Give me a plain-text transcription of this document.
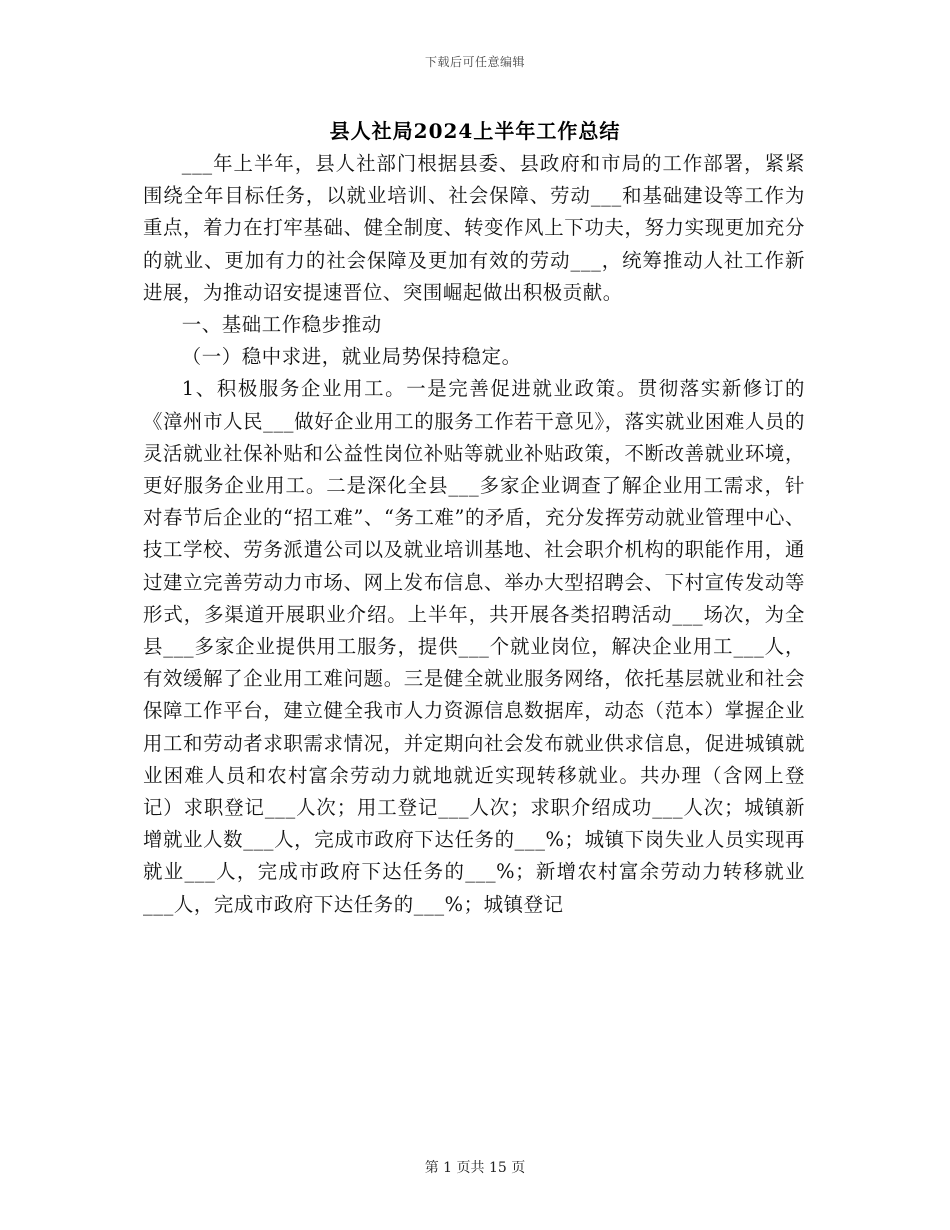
下载后可任意编辑
县人社局2024上半年工作总结

___年上半年，县人社部门根据县委、县政府和市局的工作部署，紧紧围绕全年目标任务，以就业培训、社会保障、劳动___和基础建设等工作为重点，着力在打牢基础、健全制度、转变作风上下功夫，努力实现更加充分的就业、更加有力的社会保障及更加有效的劳动___，统筹推动人社工作新进展，为推动诏安提速晋位、突围崛起做出积极贡献。

一、基础工作稳步推动

（一）稳中求进，就业局势保持稳定。

1、积极服务企业用工。一是完善促进就业政策。贯彻落实新修订的《漳州市人民___做好企业用工的服务工作若干意见》，落实就业困难人员的灵活就业社保补贴和公益性岗位补贴等就业补贴政策，不断改善就业环境，更好服务企业用工。二是深化全县___多家企业调查了解企业用工需求，针对春节后企业的“招工难”、“务工难”的矛盾，充分发挥劳动就业管理中心、技工学校、劳务派遣公司以及就业培训基地、社会职介机构的职能作用，通过建立完善劳动力市场、网上发布信息、举办大型招聘会、下村宣传发动等形式，多渠道开展职业介绍。上半年，共开展各类招聘活动___场次，为全县___多家企业提供用工服务，提供___个就业岗位，解决企业用工___人，有效缓解了企业用工难问题。三是健全就业服务网络，依托基层就业和社会保障工作平台，建立健全我市人力资源信息数据库，动态（范本）掌握企业用工和劳动者求职需求情况，并定期向社会发布就业供求信息，促进城镇就业困难人员和农村富余劳动力就地就近实现转移就业。共办理（含网上登记）求职登记___人次；用工登记___人次；求职介绍成功___人次；城镇新增就业人数___人，完成市政府下达任务的___%；城镇下岗失业人员实现再就业___人，完成市政府下达任务的___%；新增农村富余劳动力转移就业___人，完成市政府下达任务的___%；城镇登记

第 1 页共 15 页
